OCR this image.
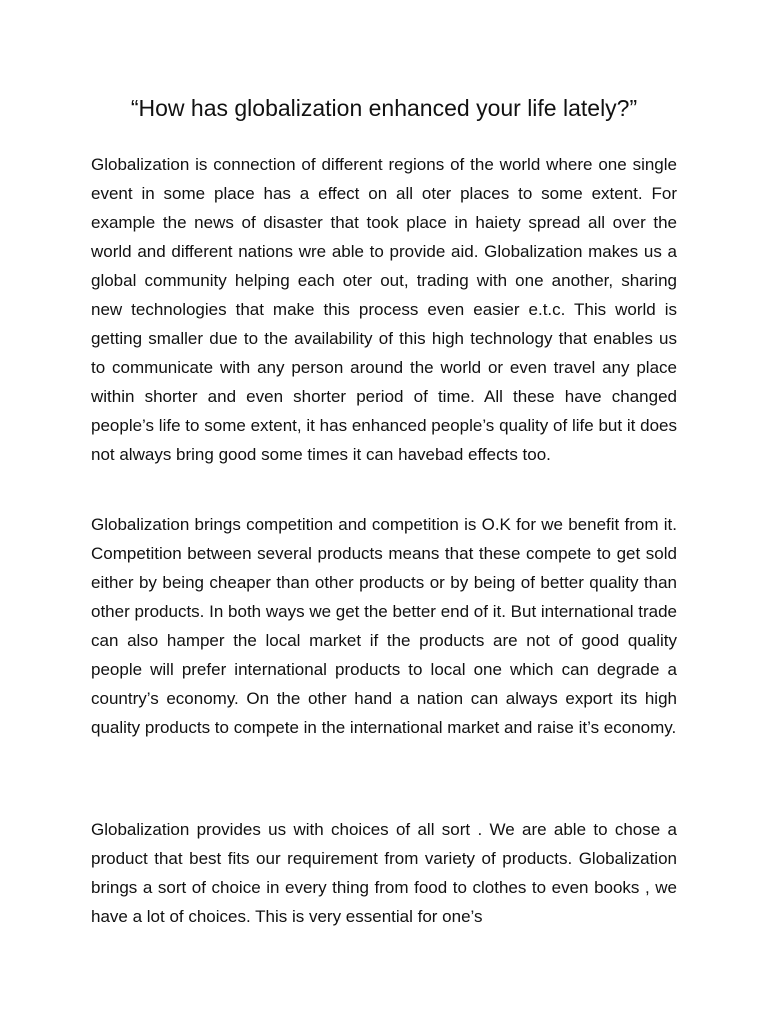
“How has globalization enhanced your life lately?”

Globalization is connection of different regions of the world where one single event in some place has a effect on all oter places to some extent. For example the news of disaster that took place in haiety spread all over the world and different nations wre able to provide aid. Globalization makes us a global community helping each oter out, trading with one another, sharing new technologies that make this process even easier e.t.c. This world is getting smaller due to the availability of this high technology that enables us to communicate with any person around the world or even travel any place within shorter and even shorter period of time. All these have changed people’s life to some extent, it has enhanced people’s quality of life but it does not always bring good some times it can havebad effects too.

Globalization brings competition and competition is O.K for we benefit from it. Competition between several products means that these compete to get sold either by being cheaper than other products or by being of better quality than other products. In both ways we get the better end of it. But international trade can also hamper the local market if the products are not of good quality people will prefer international products to local one which can degrade a country’s economy. On the other hand a nation can always export its high quality products to compete in the international market and raise it’s economy.

Globalization provides us with choices of all sort . We are able to chose a product that best fits our requirement from variety of products. Globalization brings a sort of choice in every thing from food to clothes to even books , we have a lot of choices. This is very essential for one’s
